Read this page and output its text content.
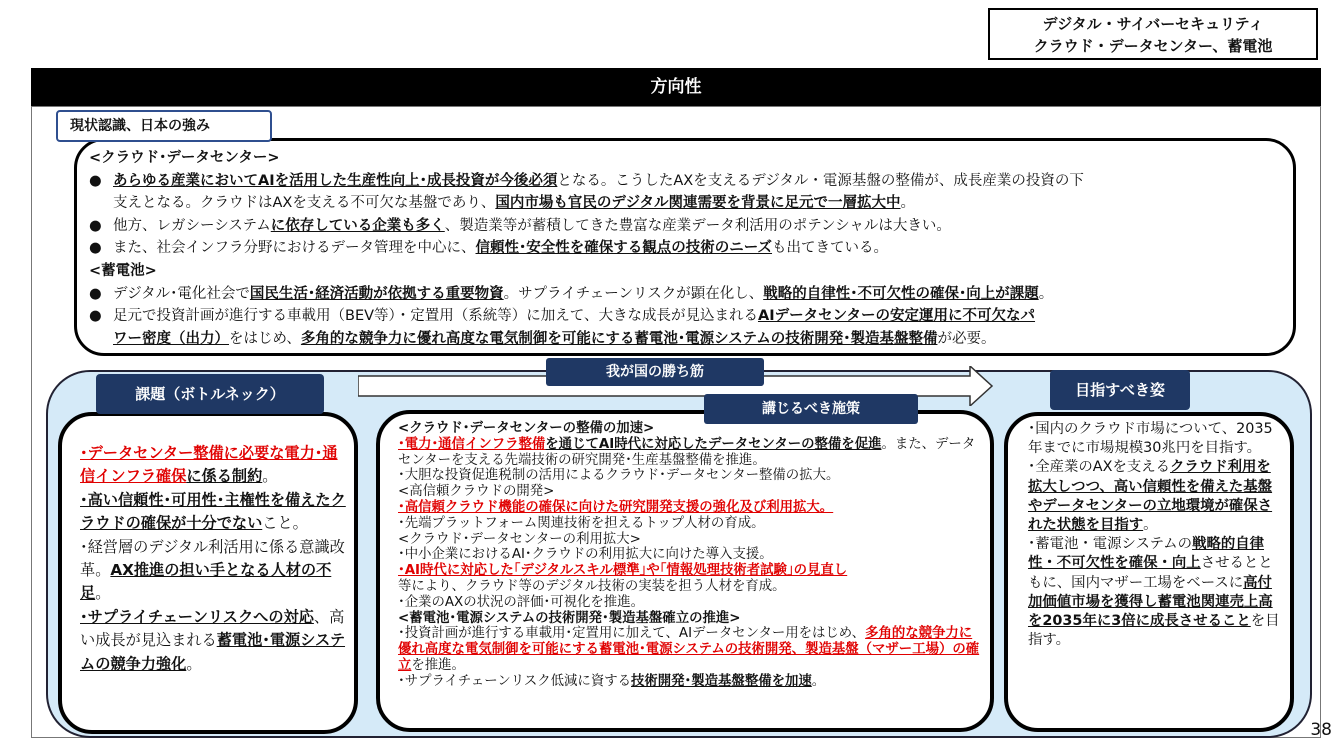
デジタル・サイバーセキュリティ
クラウド・データセンター、蓄電池
方向性
現状認識、日本の強み
<クラウド･データセンター>
● あらゆる産業においてAIを活用した生産性向上･成長投資が今後必須となる。こうしたAXを支えるデジタル・電源基盤の整備が、成長産業の投資の下
支えとなる。クラウドはAXを支える不可欠な基盤であり、国内市場も官民のデジタル関連需要を背景に足元で一層拡大中。
● 他方、レガシーシステムに依存している企業も多く、製造業等が蓄積してきた豊富な産業データ利活用のポテンシャルは大きい。
● また、社会インフラ分野におけるデータ管理を中心に、信頼性･安全性を確保する観点の技術のニーズも出てきている。
<蓄電池>
● デジタル･電化社会で国民生活･経済活動が依拠する重要物資。サプライチェーンリスクが顕在化し、戦略的自律性･不可欠性の確保･向上が課題。
● 足元で投資計画が進行する車載用（BEV等）・定置用（系統等）に加えて、大きな成長が見込まれるAIデータセンターの安定運用に不可欠なパ
ワー密度（出力）をはじめ、多角的な競争力に優れ高度な電気制御を可能にする蓄電池･電源システムの技術開発･製造基盤整備が必要。
我が国の勝ち筋
課題（ボトルネック）
講じるべき施策
目指すべき姿

･データセンター整備に必要な電力･通信インフラ確保に係る制約。

･高い信頼性･可用性･主権性を備えたクラウドの確保が十分でないこと。

･経営層のデジタル利活用に係る意識改革。AX推進の担い手となる人材の不足。

･サプライチェーンリスクへの対応、高い成長が見込まれる蓄電池･電源システムの競争力強化。

<クラウド･データセンターの整備の加速>

･電力･通信インフラ整備を通じてAI時代に対応したデータセンターの整備を促進。また、データセンターを支える先端技術の研究開発･生産基盤整備を推進。

･大胆な投資促進税制の活用によるクラウド･データセンター整備の拡大。

<高信頼クラウドの開発>

･高信頼クラウド機能の確保に向けた研究開発支援の強化及び利用拡大。

･先端プラットフォーム関連技術を担えるトップ人材の育成。

<クラウド･データセンターの利用拡大>

･中小企業におけるAI･クラウドの利用拡大に向けた導入支援。

･AI時代に対応した｢デジタルスキル標準｣や｢情報処理技術者試験｣の見直し
等により、クラウド等のデジタル技術の実装を担う人材を育成。

･企業のAXの状況の評価･可視化を推進。

<蓄電池･電源システムの技術開発･製造基盤確立の推進>

･投資計画が進行する車載用･定置用に加えて、AIデータセンター用をはじめ、多角的な競争力に優れ高度な電気制御を可能にする蓄電池･電源システムの技術開発、製造基盤（マザー工場）の確立を推進。

･サプライチェーンリスク低減に資する技術開発･製造基盤整備を加速。

･国内のクラウド市場について、2035年までに市場規模30兆円を目指す。

･全産業のAXを支えるクラウド利用を拡大しつつ、高い信頼性を備えた基盤やデータセンターの立地環境が確保された状態を目指す。

･蓄電池・電源システムの戦略的自律性・不可欠性を確保・向上させるとともに、国内マザー工場をベースに高付加価値市場を獲得し蓄電池関連売上高を2035年に3倍に成長させることを目指す。

38
